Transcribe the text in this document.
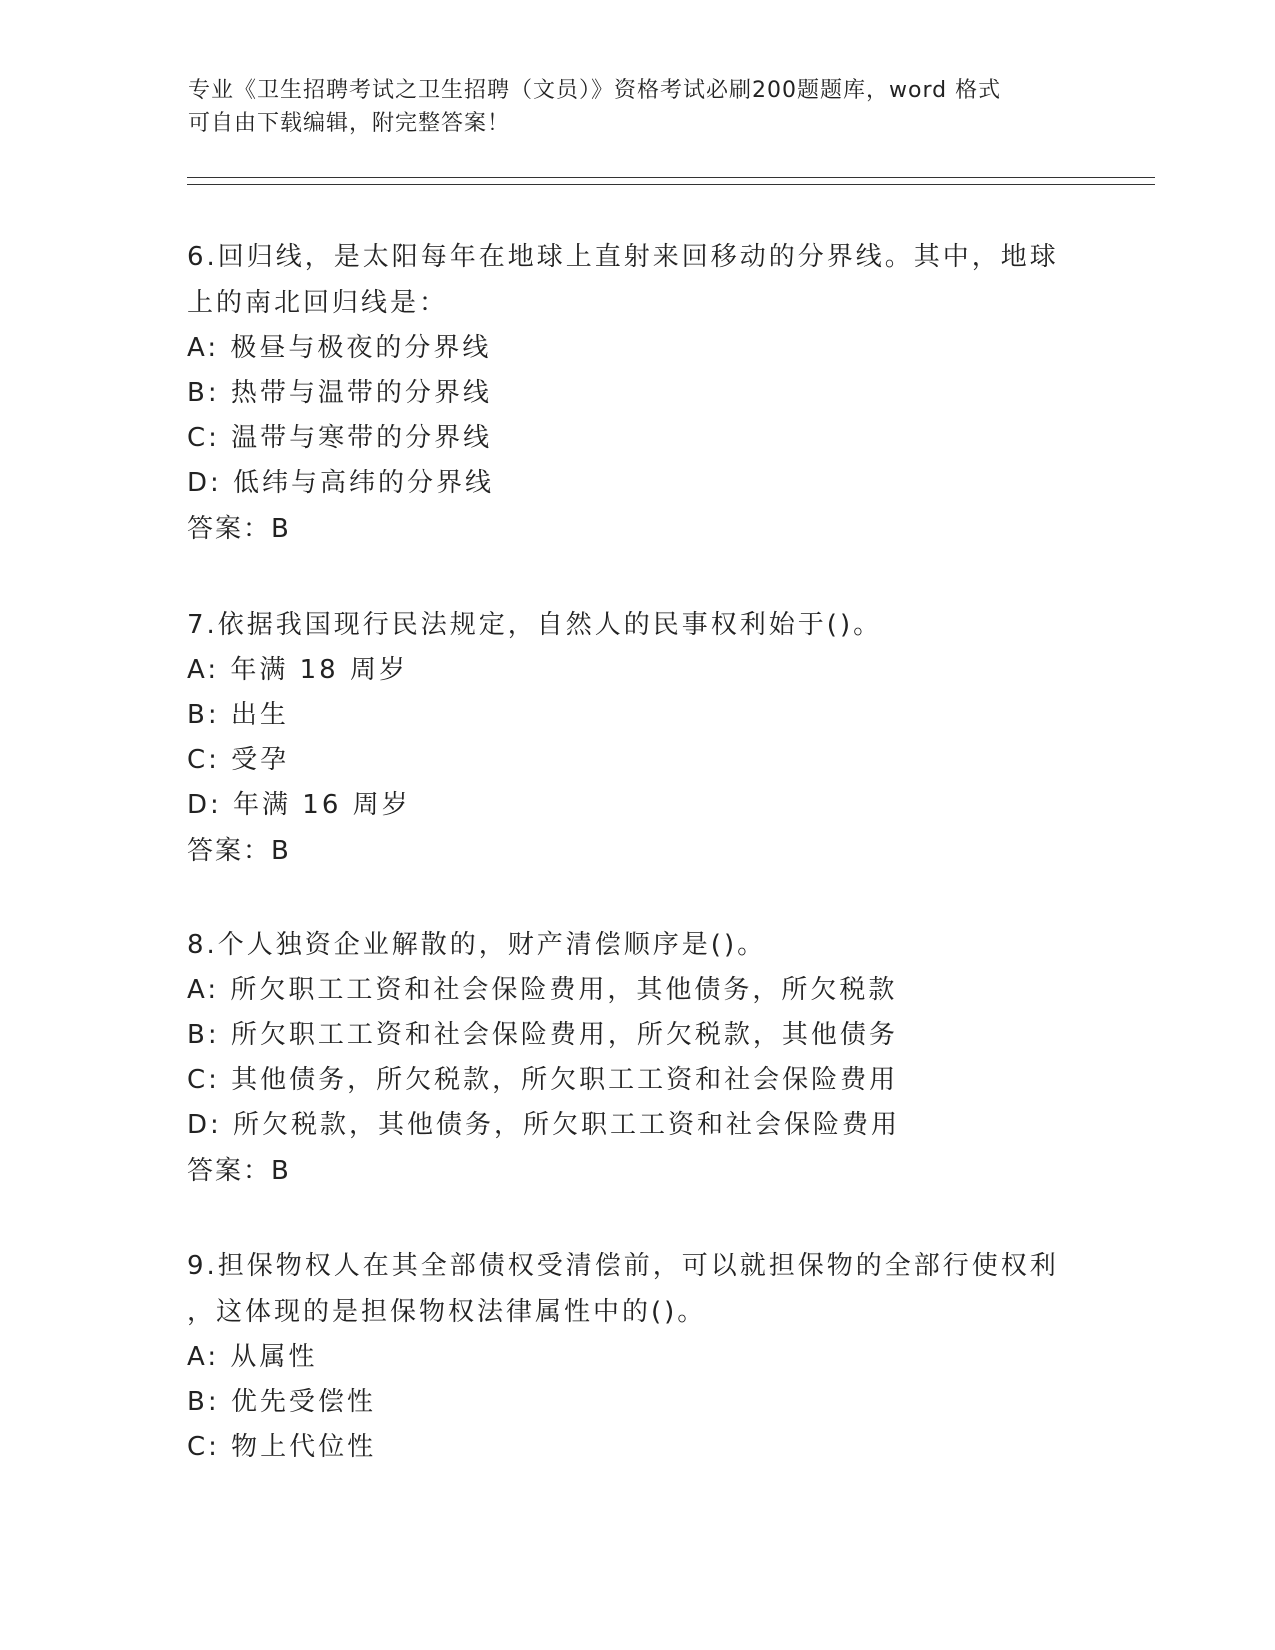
专业《卫生招聘考试之卫生招聘（文员）》资格考试必刷200题题库，word 格式
可自由下载编辑，附完整答案！

6.回归线，是太阳每年在地球上直射来回移动的分界线。其中，地球

上的南北回归线是：

A: 极昼与极夜的分界线

B: 热带与温带的分界线

C: 温带与寒带的分界线

D: 低纬与高纬的分界线

答案：B

7.依据我国现行民法规定，自然人的民事权利始于()。

A: 年满 18 周岁

B: 出生

C: 受孕

D: 年满 16 周岁

答案：B

8.个人独资企业解散的，财产清偿顺序是()。

A: 所欠职工工资和社会保险费用，其他债务，所欠税款

B: 所欠职工工资和社会保险费用，所欠税款，其他债务

C: 其他债务，所欠税款，所欠职工工资和社会保险费用

D: 所欠税款，其他债务，所欠职工工资和社会保险费用

答案：B

9.担保物权人在其全部债权受清偿前，可以就担保物的全部行使权利

，这体现的是担保物权法律属性中的()。

A: 从属性

B: 优先受偿性

C: 物上代位性
